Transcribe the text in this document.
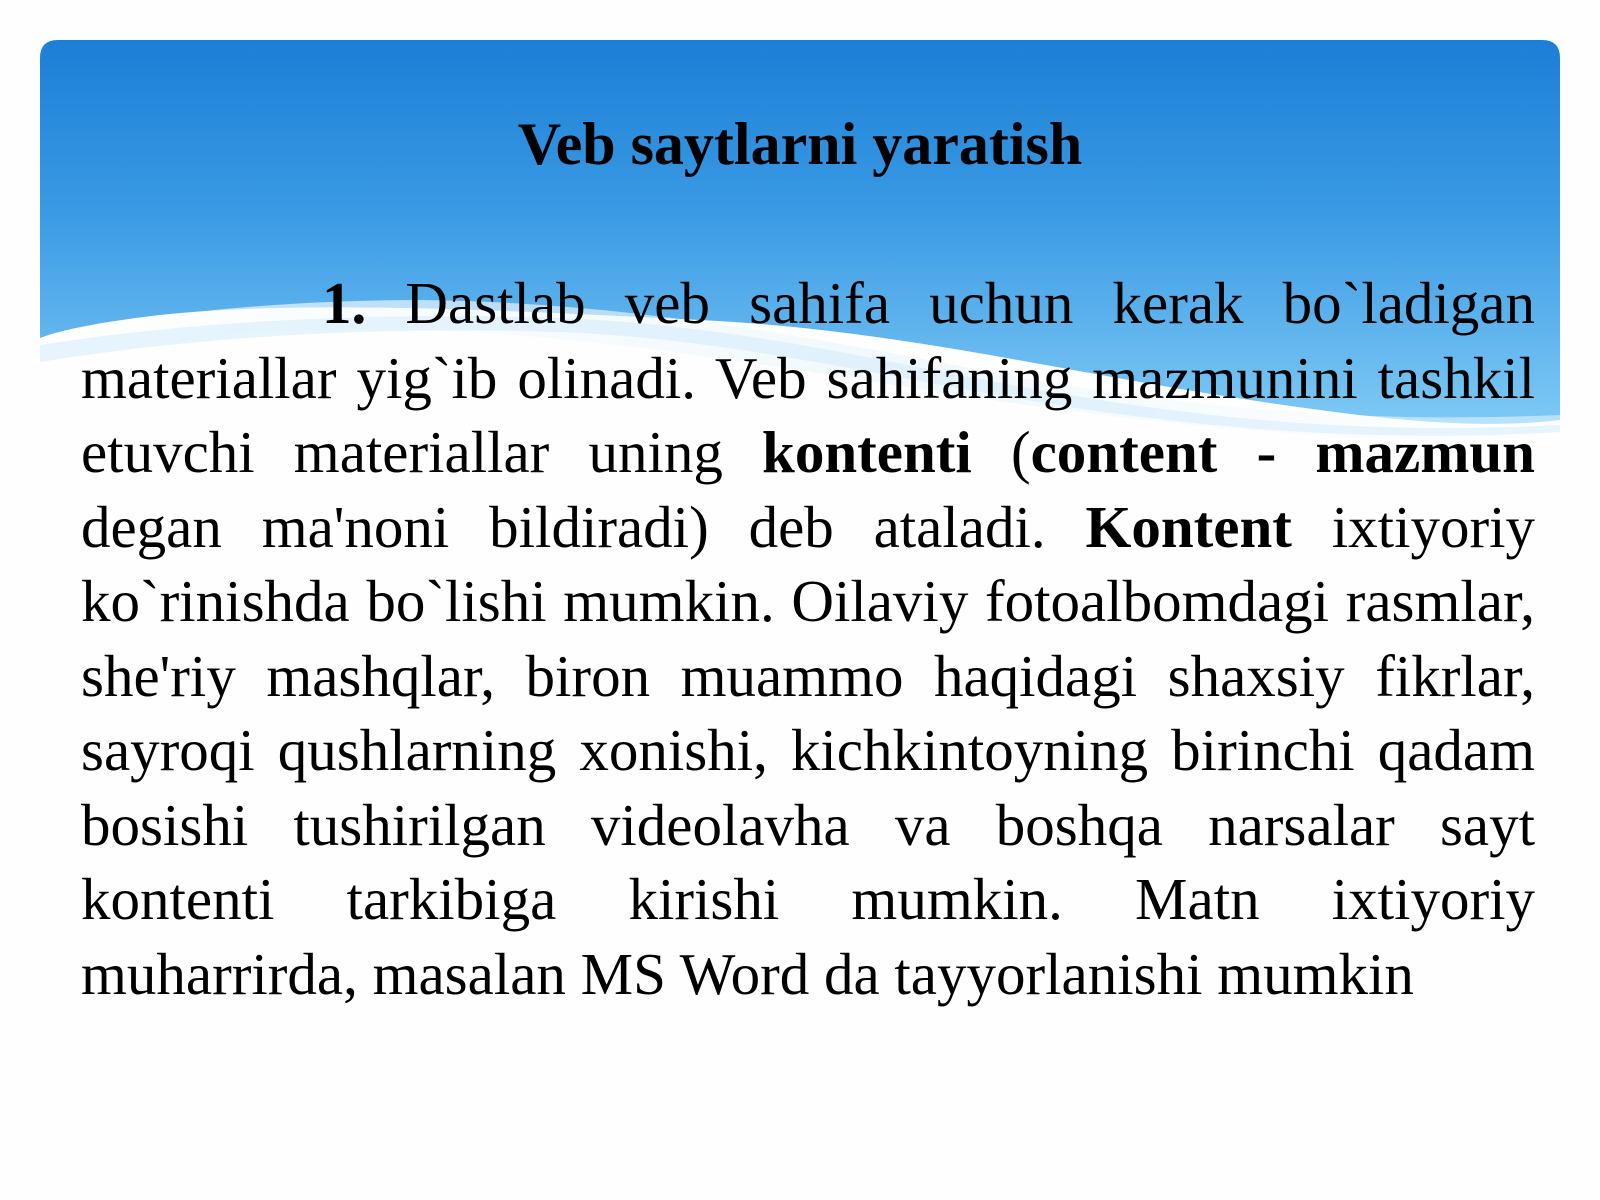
Veb saytlarni yaratish

1. Dastlab veb sahifa uchun kerak bo`ladigan materiallar yig`ib olinadi. Veb sahifaning mazmunini tashkil etuvchi materiallar uning kontenti (content - mazmun degan ma'noni bildiradi) deb ataladi. Kontent ixtiyoriy ko`rinishda bo`lishi mumkin. Oilaviy fotoalbomdagi rasmlar, she'riy mashqlar, biron muammo haqidagi shaxsiy fikrlar, sayroqi qushlarning xonishi, kichkintoyning birinchi qadam bosishi tushirilgan videolavha va boshqa narsalar sayt kontenti tarkibiga kirishi mumkin. Matn ixtiyoriy muharrirda, masalan MS Word da tayyorlanishi mumkin
